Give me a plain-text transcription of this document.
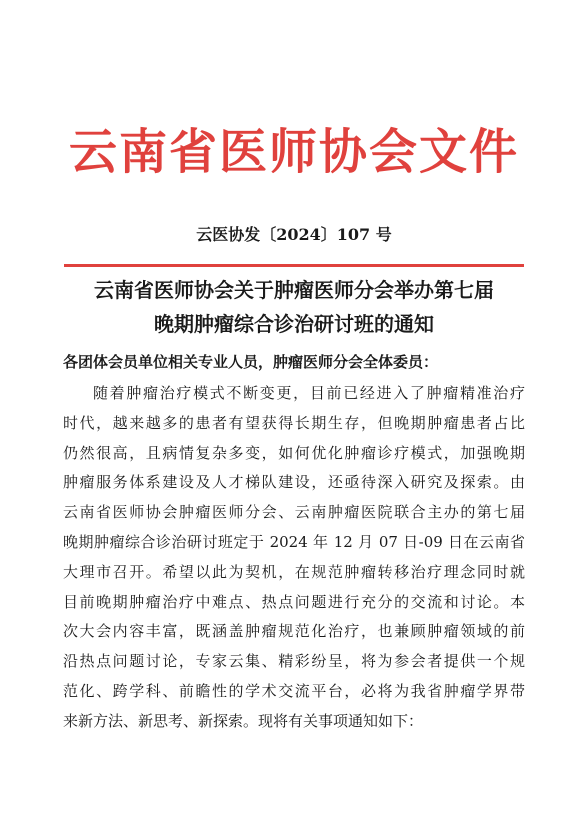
云南省医师协会文件
云医协发〔2024〕107 号
云南省医师协会关于肿瘤医师分会举办第七届
晚期肿瘤综合诊治研讨班的通知
各团体会员单位相关专业人员，肿瘤医师分会全体委员：
随着肿瘤治疗模式不断变更，目前已经进入了肿瘤精准治疗
时代，越来越多的患者有望获得长期生存，但晚期肿瘤患者占比
仍然很高，且病情复杂多变，如何优化肿瘤诊疗模式，加强晚期
肿瘤服务体系建设及人才梯队建设，还亟待深入研究及探索。由
云南省医师协会肿瘤医师分会、云南肿瘤医院联合主办的第七届
晚期肿瘤综合诊治研讨班定于 2024 年 12 月 07 日-09 日在云南省
大理市召开。希望以此为契机，在规范肿瘤转移治疗理念同时就
目前晚期肿瘤治疗中难点、热点问题进行充分的交流和讨论。本
次大会内容丰富，既涵盖肿瘤规范化治疗，也兼顾肿瘤领域的前
沿热点问题讨论，专家云集、精彩纷呈，将为参会者提供一个规
范化、跨学科、前瞻性的学术交流平台，必将为我省肿瘤学界带
来新方法、新思考、新探索。现将有关事项通知如下：
